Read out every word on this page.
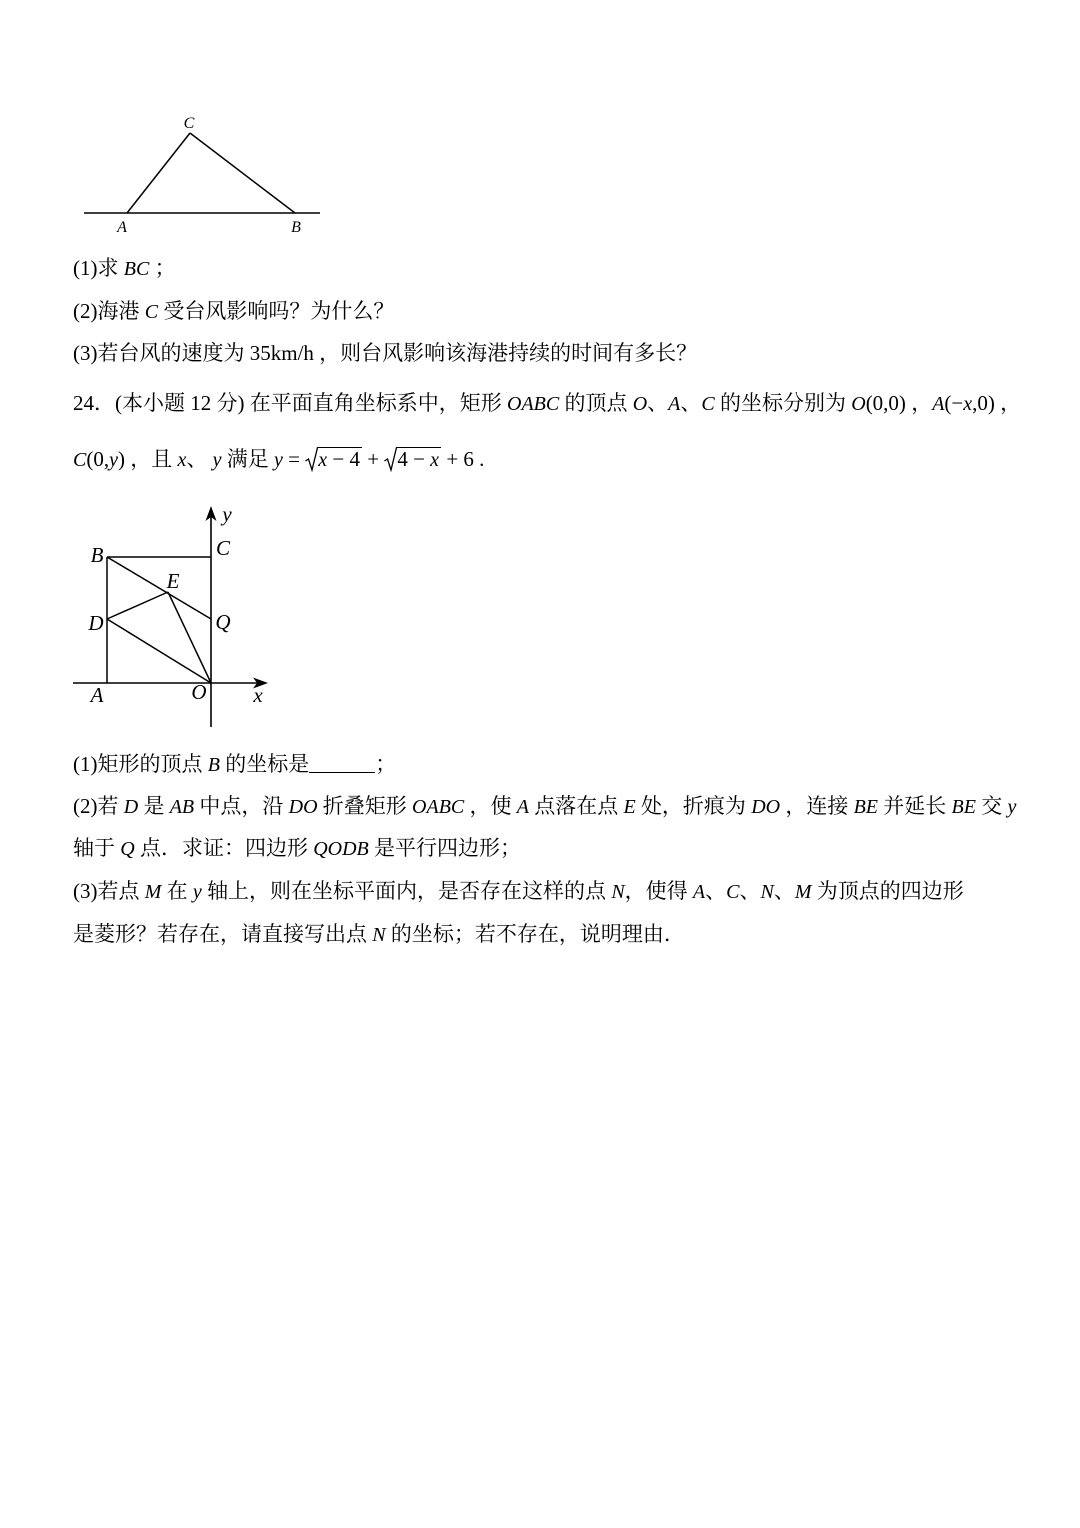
C
A	B
(1)求 BC ；
(2)海港 C 受台风影响吗？为什么？
(3)若台风的速度为 35km/h ，则台风影响该海港持续的时间有多长？
24．(本小题 12 分) 在平面直角坐标系中，矩形 OABC 的顶点 O、A、C 的坐标分别为 O(0,0) ，A(−x,0) ，
C(0,y) ，且 x、 y 满足 y = x − 4 + 4 − x + 6 .
y
C
B
E
D	Q
A	O x
(1)矩形的顶点 B 的坐标是	；
(2)若 D 是 AB 中点，沿 DO 折叠矩形 OABC ，使 A 点落在点 E 处，折痕为 DO ，连接 BE 并延长 BE 交 y
轴于 Q 点．求证：四边形 QODB 是平行四边形；
(3)若点 M 在 y 轴上，则在坐标平面内，是否存在这样的点 N，使得 A、C、N、M 为顶点的四边形
是菱形？若存在，请直接写出点 N 的坐标；若不存在，说明理由．
